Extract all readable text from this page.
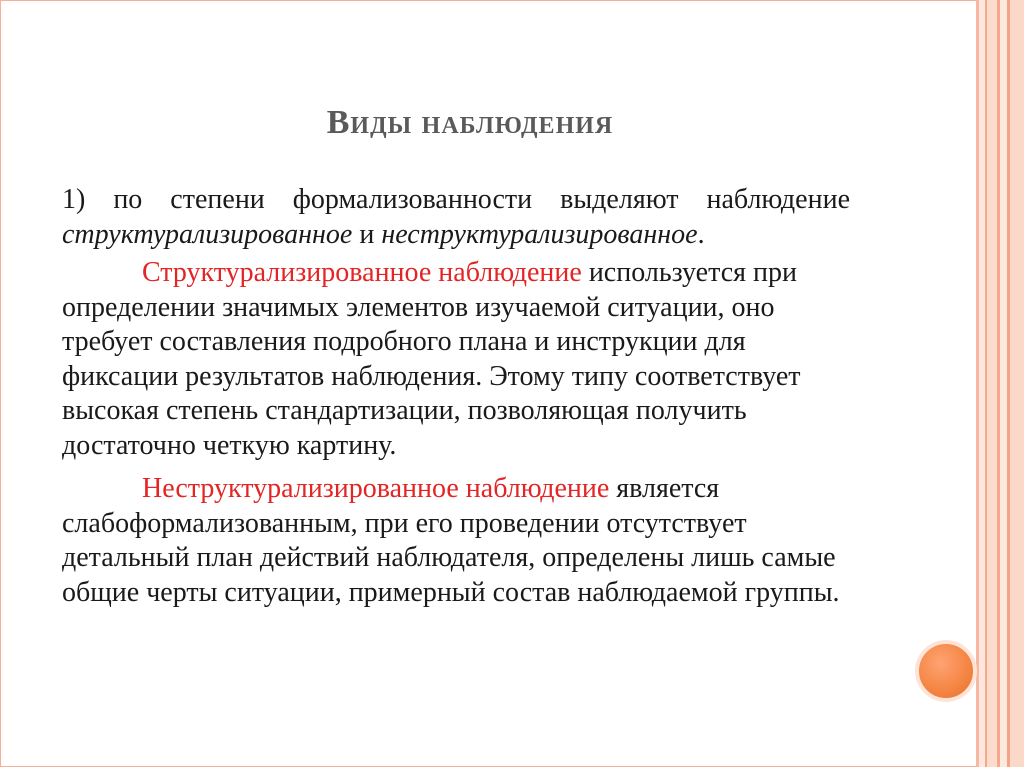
Виды наблюдения

1) по степени формализованности выделяют наблюдение структурализированное и неструктурализированное.

Структурализированное наблюдение используется при определении значимых элементов изучаемой ситуации, оно требует составления подробного плана и инструкции для фиксации результатов наблюдения. Этому типу соответствует высокая степень стандартизации, позволяющая получить достаточно четкую картину.

Неструктурализированное наблюдение является слабоформализованным, при его проведении отсутствует детальный план действий наблюдателя, определены лишь самые общие черты ситуации, примерный состав наблюдаемой группы.
